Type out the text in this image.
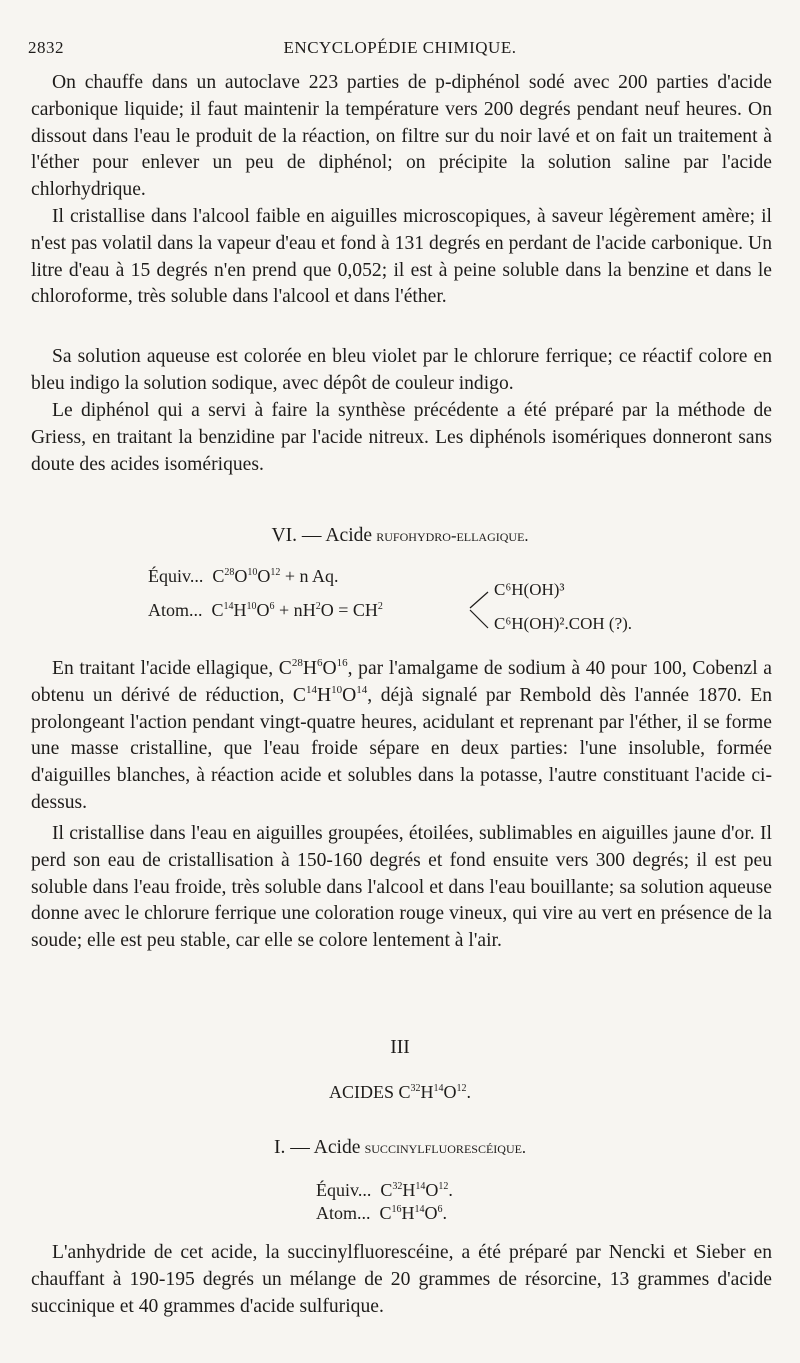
2832	ENCYCLOPÉDIE CHIMIQUE.

On chauffe dans un autoclave 223 parties de p-diphénol sodé avec 200 parties d'acide carbonique liquide; il faut maintenir la température vers 200 degrés pendant neuf heures. On dissout dans l'eau le produit de la réaction, on filtre sur du noir lavé et on fait un traitement à l'éther pour enlever un peu de diphénol; on précipite la solution saline par l'acide chlorhydrique.

Il cristallise dans l'alcool faible en aiguilles microscopiques, à saveur légèrement amère; il n'est pas volatil dans la vapeur d'eau et fond à 131 degrés en perdant de l'acide carbonique. Un litre d'eau à 15 degrés n'en prend que 0,052; il est à peine soluble dans la benzine et dans le chloroforme, très soluble dans l'alcool et dans l'éther.

Sa solution aqueuse est colorée en bleu violet par le chlorure ferrique; ce réactif colore en bleu indigo la solution sodique, avec dépôt de couleur indigo.

Le diphénol qui a servi à faire la synthèse précédente a été préparé par la méthode de Griess, en traitant la benzidine par l'acide nitreux. Les diphénols isomériques donneront sans doute des acides isomériques.

VI. — Acide rufohydro-ellagique.
Équiv...  $C^{28}O^{10}O^{12} + n$ Aq.
Atom...  $C^{14}H^{10}O^6 + nH^2O = CH^2$
C⁶H(OH)³
C⁶H(OH)².COH (?).

En traitant l'acide ellagique, $C^{28}H^6O^{16}$, par l'amalgame de sodium à 40 pour 100, Cobenzl a obtenu un dérivé de réduction, $C^{14}H^{10}O^{14}$, déjà signalé par Rembold dès l'année 1870. En prolongeant l'action pendant vingt-quatre heures, acidulant et reprenant par l'éther, il se forme une masse cristalline, que l'eau froide sépare en deux parties: l'une insoluble, formée d'aiguilles blanches, à réaction acide et solubles dans la potasse, l'autre constituant l'acide ci-dessus.

Il cristallise dans l'eau en aiguilles groupées, étoilées, sublimables en aiguilles jaune d'or. Il perd son eau de cristallisation à 150-160 degrés et fond ensuite vers 300 degrés; il est peu soluble dans l'eau froide, très soluble dans l'alcool et dans l'eau bouillante; sa solution aqueuse donne avec le chlorure ferrique une coloration rouge vineux, qui vire au vert en présence de la soude; elle est peu stable, car elle se colore lentement à l'air.

III
ACIDES $C^{32}H^{14}O^{12}$.
I. — Acide succinylfluorescéique.
Équiv...  $C^{32}H^{14}O^{12}$.
Atom...  $C^{16}H^{14}O^6$.

L'anhydride de cet acide, la succinylfluorescéine, a été préparé par Nencki et Sieber en chauffant à 190-195 degrés un mélange de 20 grammes de résorcine, 13 grammes d'acide succinique et 40 grammes d'acide sulfurique.
